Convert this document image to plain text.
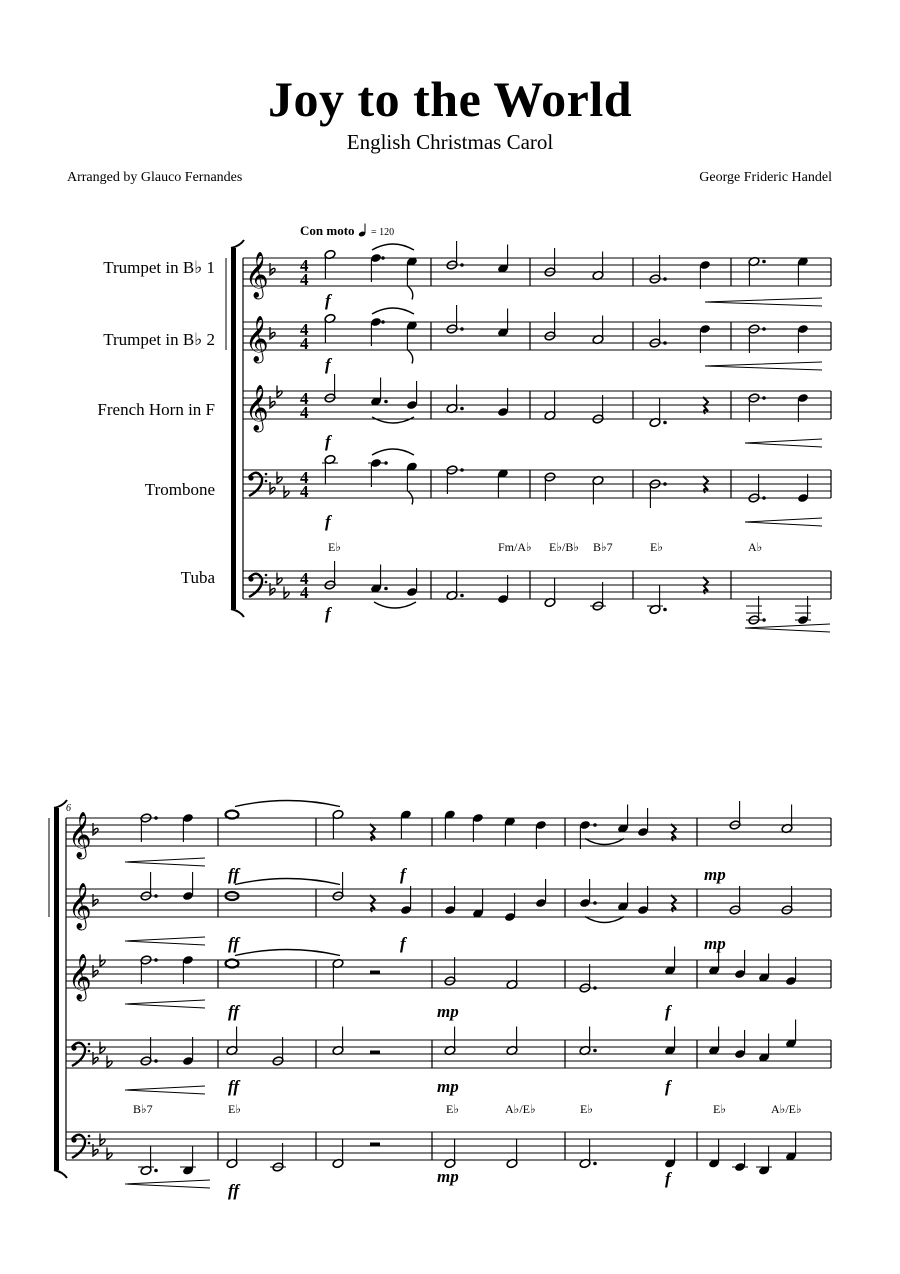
Joy to the World
English Christmas Carol
Arranged by Glauco Fernandes	George Frideric Handel
Con moto = 120
Trumpet in B♭ 1
Trumpet in B♭ 2
French Horn in F
Trombone
Tuba
6
𝄞 4
4
𝄞 4
4
𝄞 4
4
4
4
4
4
f
f
f
f
E♭	Fm/A♭ E♭/B♭ B♭7	E♭	A♭
f
𝄞
𝄞
𝄞
ff	f	mp
ff	f	mp
ff	mp	f
ff	mp	f
B♭7	E♭	E♭	A♭/E♭	E♭	E♭	A♭/E♭
ff
mp	f
